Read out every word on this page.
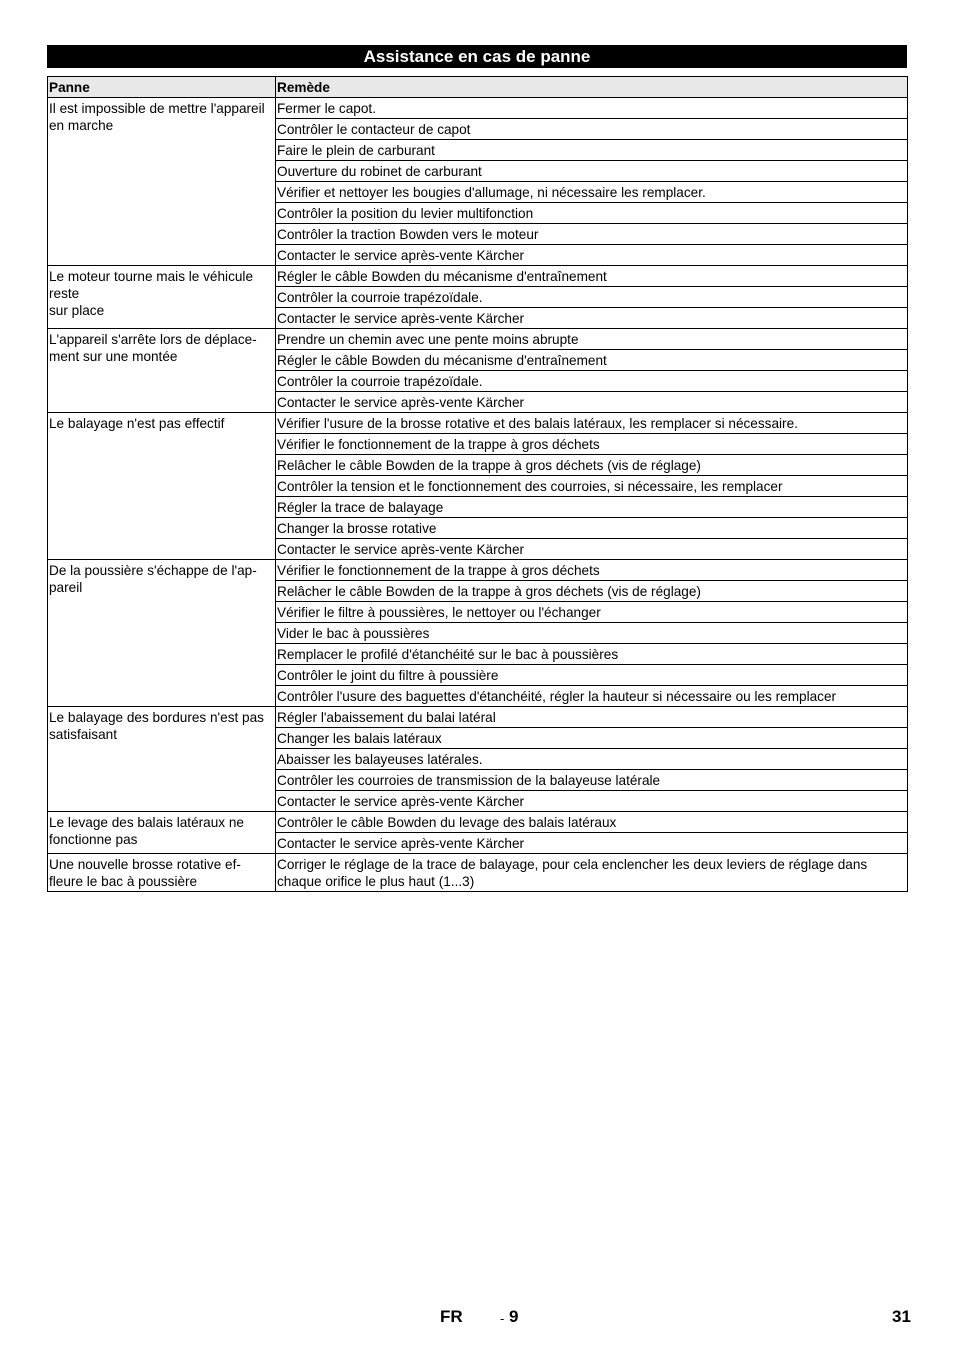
Assistance en cas de panne
Panne	Remède
Il est impossible de mettre l'appareil
en marche	Fermer le capot.
	Contrôler le contacteur de capot
	Faire le plein de carburant
	Ouverture du robinet de carburant
	Vérifier et nettoyer les bougies d'allumage, ni nécessaire les remplacer.
	Contrôler la position du levier multifonction
	Contrôler la traction Bowden vers le moteur
	Contacter le service après-vente Kärcher
Le moteur tourne mais le véhicule
reste
sur place	Régler le câble Bowden du mécanisme d'entraînement
	Contrôler la courroie trapézoïdale.
	Contacter le service après-vente Kärcher
L'appareil s'arrête lors de déplace-
ment sur une montée	Prendre un chemin avec une pente moins abrupte
	Régler le câble Bowden du mécanisme d'entraînement
	Contrôler la courroie trapézoïdale.
	Contacter le service après-vente Kärcher
Le balayage n'est pas effectif	Vérifier l'usure de la brosse rotative et des balais latéraux, les remplacer si nécessaire.
	Vérifier le fonctionnement de la trappe à gros déchets
	Relâcher le câble Bowden de la trappe à gros déchets (vis de réglage)
	Contrôler la tension et le fonctionnement des courroies, si nécessaire, les remplacer
	Régler la trace de balayage
	Changer la brosse rotative
	Contacter le service après-vente Kärcher
De la poussière s'échappe de l'ap-
pareil	Vérifier le fonctionnement de la trappe à gros déchets
	Relâcher le câble Bowden de la trappe à gros déchets (vis de réglage)
	Vérifier le filtre à poussières, le nettoyer ou l'échanger
	Vider le bac à poussières
	Remplacer le profilé d'étanchéité sur le bac à poussières
	Contrôler le joint du filtre à poussière
	Contrôler l'usure des baguettes d'étanchéité, régler la hauteur si nécessaire ou les remplacer
Le balayage des bordures n'est pas
satisfaisant	Régler l'abaissement du balai latéral
	Changer les balais latéraux
	Abaisser les balayeuses latérales.
	Contrôler les courroies de transmission de la balayeuse latérale
	Contacter le service après-vente Kärcher
Le levage des balais latéraux ne
fonctionne pas	Contrôler le câble Bowden du levage des balais latéraux
	Contacter le service après-vente Kärcher
Une nouvelle brosse rotative ef-
fleure le bac à poussière	Corriger le réglage de la trace de balayage, pour cela enclencher les deux leviers de réglage dans chaque orifice le plus haut (1...3)
FR	- 9	31
